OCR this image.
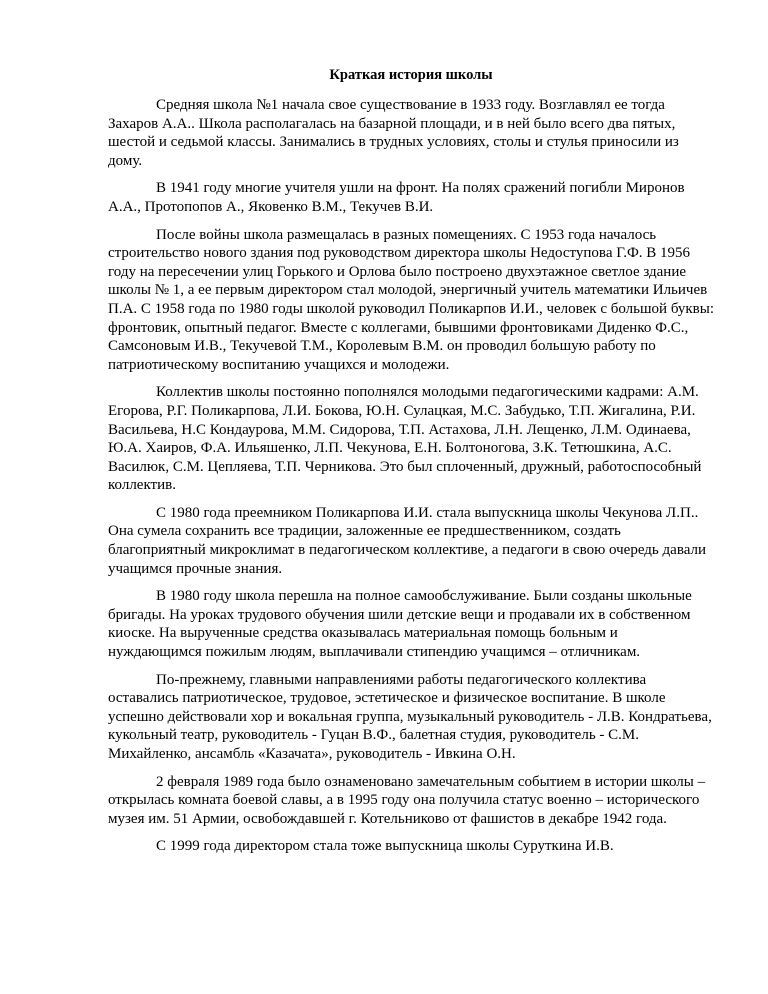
Краткая история школы

Средняя школа №1 начала свое существование в 1933 году. Возглавлял ее тогда Захаров А.А.. Школа располагалась на базарной площади, и в ней было всего два пятых, шестой и седьмой классы. Занимались в трудных условиях, столы и стулья приносили из дому.

В 1941 году многие учителя ушли на фронт. На полях сражений погибли Миронов А.А., Протопопов А., Яковенко В.М., Текучев В.И.

После войны школа размещалась в разных помещениях. С 1953 года началось строительство нового здания под руководством директора школы Недоступова Г.Ф. В 1956 году на пересечении улиц Горького и Орлова было построено двухэтажное светлое здание школы № 1, а ее первым директором стал молодой, энергичный учитель математики Ильичев П.А. С 1958 года по 1980 годы школой руководил Поликарпов И.И., человек с большой буквы: фронтовик, опытный педагог. Вместе с коллегами, бывшими фронтовиками Диденко Ф.С., Самсоновым И.В., Текучевой Т.М., Королевым В.М. он проводил большую работу по патриотическому воспитанию учащихся и молодежи.

Коллектив школы постоянно пополнялся молодыми педагогическими кадрами: А.М. Егорова, Р.Г. Поликарпова, Л.И. Бокова, Ю.Н. Сулацкая, М.С. Забудько, Т.П. Жигалина, Р.И. Васильева, Н.С Кондаурова, М.М. Сидорова, Т.П. Астахова, Л.Н. Лещенко, Л.М. Одинаева, Ю.А. Хаиров, Ф.А. Ильяшенко, Л.П. Чекунова, Е.Н. Болтоногова, З.К. Тетюшкина, А.С. Василюк, С.М. Цепляева, Т.П. Черникова. Это был сплоченный, дружный, работоспособный коллектив.

С 1980 года преемником Поликарпова И.И. стала выпускница школы Чекунова Л.П.. Она сумела сохранить все традиции, заложенные ее предшественником, создать благоприятный микроклимат в педагогическом коллективе, а педагоги в свою очередь давали учащимся прочные знания.

В 1980 году школа перешла на полное самообслуживание. Были созданы школьные бригады. На уроках трудового обучения шили детские вещи и продавали их в собственном киоске. На вырученные средства оказывалась материальная помощь больным и нуждающимся пожилым людям, выплачивали стипендию учащимся – отличникам.

По-прежнему, главными направлениями работы педагогического коллектива оставались патриотическое, трудовое, эстетическое и физическое воспитание. В школе успешно действовали хор и вокальная группа, музыкальный руководитель - Л.В. Кондратьева, кукольный театр, руководитель - Гуцан В.Ф., балетная студия, руководитель - С.М. Михайленко, ансамбль «Казачата», руководитель - Ивкина О.Н.

2 февраля 1989 года было ознаменовано замечательным событием в истории школы – открылась комната боевой славы, а в 1995 году она получила статус военно – исторического музея им. 51 Армии, освобождавшей г. Котельниково от фашистов в декабре 1942 года.

С 1999 года директором стала тоже выпускница школы Суруткина И.В.
